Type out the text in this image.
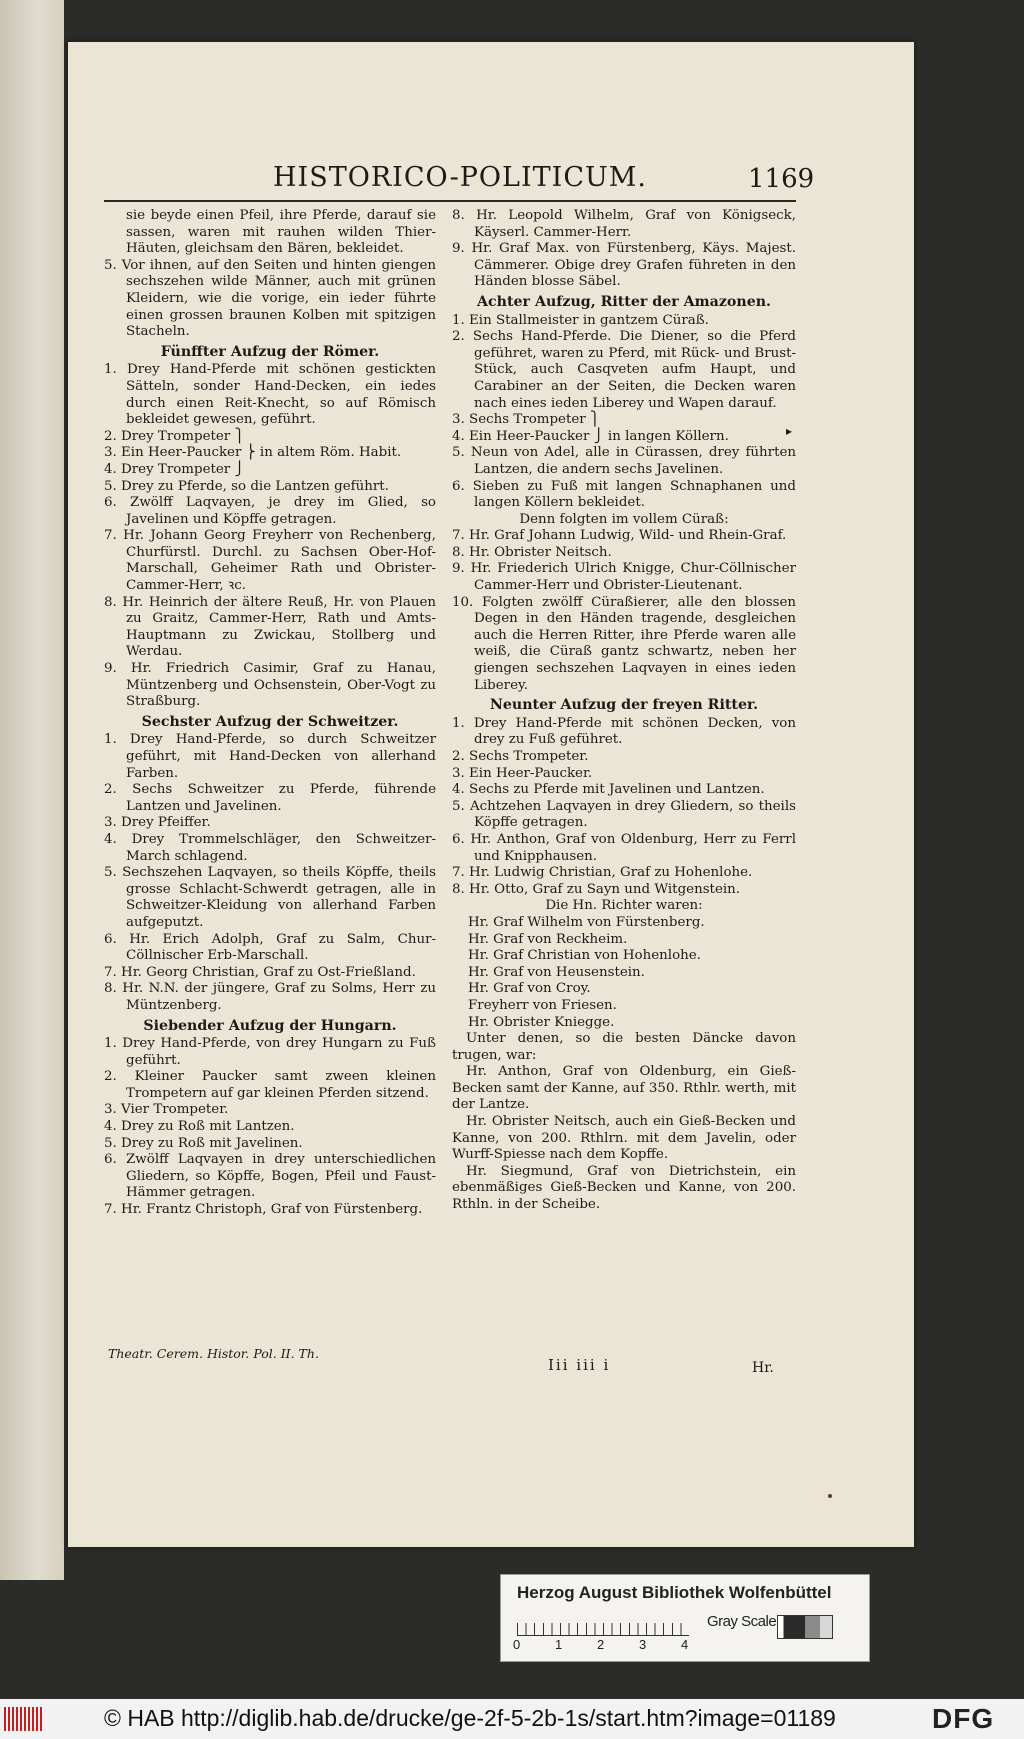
HISTORICO-POLITICUM.	1169

sie beyde einen Pfeil, ihre Pferde, darauf sie sassen, waren mit rauhen wilden Thier-Häuten, gleichsam den Bären, bekleidet.

5. Vor ihnen, auf den Seiten und hinten giengen sechszehen wilde Männer, auch mit grünen Kleidern, wie die vorige, ein ieder führte einen grossen braunen Kolben mit spitzigen Stacheln.

Fünffter Aufzug der Römer.

1. Drey Hand-Pferde mit schönen gestickten Sätteln, sonder Hand-Decken, ein iedes durch einen Reit-Knecht, so auf Römisch bekleidet gewesen, geführt.

2. Drey Trompeter ⎫

3. Ein Heer-Paucker ⎬ in altem Röm. Habit.

4. Drey Trompeter ⎭

5. Drey zu Pferde, so die Lantzen geführt.

6. Zwölff Laqvayen, je drey im Glied, so Javelinen und Köpffe getragen.

7. Hr. Johann Georg Freyherr von Rechenberg, Churfürstl. Durchl. zu Sachsen Ober-Hof-Marschall, Geheimer Rath und Obrister-Cammer-Herr, ꝛc.

8. Hr. Heinrich der ältere Reuß, Hr. von Plauen zu Graitz, Cammer-Herr, Rath und Amts-Hauptmann zu Zwickau, Stollberg und Werdau.

9. Hr. Friedrich Casimir, Graf zu Hanau, Müntzenberg und Ochsenstein, Ober-Vogt zu Straßburg.

Sechster Aufzug der Schweitzer.

1. Drey Hand-Pferde, so durch Schweitzer geführt, mit Hand-Decken von allerhand Farben.

2. Sechs Schweitzer zu Pferde, führende Lantzen und Javelinen.

3. Drey Pfeiffer.

4. Drey Trommelschläger, den Schweitzer-March schlagend.

5. Sechszehen Laqvayen, so theils Köpffe, theils grosse Schlacht-Schwerdt getragen, alle in Schweitzer-Kleidung von allerhand Farben aufgeputzt.

6. Hr. Erich Adolph, Graf zu Salm, Chur-Cöllnischer Erb-Marschall.

7. Hr. Georg Christian, Graf zu Ost-Frießland.

8. Hr. N.N. der jüngere, Graf zu Solms, Herr zu Müntzenberg.

Siebender Aufzug der Hungarn.

1. Drey Hand-Pferde, von drey Hungarn zu Fuß geführt.

2. Kleiner Paucker samt zween kleinen Trompetern auf gar kleinen Pferden sitzend.

3. Vier Trompeter.

4. Drey zu Roß mit Lantzen.

5. Drey zu Roß mit Javelinen.

6. Zwölff Laqvayen in drey unterschiedlichen Gliedern, so Köpffe, Bogen, Pfeil und Faust-Hämmer getragen.

7. Hr. Frantz Christoph, Graf von Fürstenberg.

8. Hr. Leopold Wilhelm, Graf von Königseck, Käyserl. Cammer-Herr.

9. Hr. Graf Max. von Fürstenberg, Käys. Majest. Cämmerer. Obige drey Grafen führeten in den Händen blosse Säbel.

Achter Aufzug, Ritter der Amazonen.

1. Ein Stallmeister in gantzem Cüraß.

2. Sechs Hand-Pferde. Die Diener, so die Pferd geführet, waren zu Pferd, mit Rück- und Brust-Stück, auch Casqveten aufm Haupt, und Carabiner an der Seiten, die Decken waren nach eines ieden Liberey und Wapen darauf.

3. Sechs Trompeter ⎫

4. Ein Heer-Paucker ⎭ in langen Köllern.

5. Neun von Adel, alle in Cürassen, drey führten Lantzen, die andern sechs Javelinen.

6. Sieben zu Fuß mit langen Schnaphanen und langen Köllern bekleidet.

Denn folgten im vollem Cüraß:

7. Hr. Graf Johann Ludwig, Wild- und Rhein-Graf.

8. Hr. Obrister Neitsch.

9. Hr. Friederich Ulrich Knigge, Chur-Cöllnischer Cammer-Herr und Obrister-Lieutenant.

10. Folgten zwölff Cüraßierer, alle den blossen Degen in den Händen tragende, desgleichen auch die Herren Ritter, ihre Pferde waren alle weiß, die Cüraß gantz schwartz, neben her giengen sechszehen Laqvayen in eines ieden Liberey.

Neunter Aufzug der freyen Ritter.

1. Drey Hand-Pferde mit schönen Decken, von drey zu Fuß geführet.

2. Sechs Trompeter.

3. Ein Heer-Paucker.

4. Sechs zu Pferde mit Javelinen und Lantzen.

5. Achtzehen Laqvayen in drey Gliedern, so theils Köpffe getragen.

6. Hr. Anthon, Graf von Oldenburg, Herr zu Ferrl und Knipphausen.

7. Hr. Ludwig Christian, Graf zu Hohenlohe.

8. Hr. Otto, Graf zu Sayn und Witgenstein.

Die Hn. Richter waren:

Hr. Graf Wilhelm von Fürstenberg.

Hr. Graf von Reckheim.

Hr. Graf Christian von Hohenlohe.

Hr. Graf von Heusenstein.

Hr. Graf von Croy.

Freyherr von Friesen.

Hr. Obrister Kniegge.

Unter denen, so die besten Däncke davon trugen, war:

Hr. Anthon, Graf von Oldenburg, ein Gieß-Becken samt der Kanne, auf 350. Rthlr. werth, mit der Lantze.

Hr. Obrister Neitsch, auch ein Gieß-Becken und Kanne, von 200. Rthlrn. mit dem Javelin, oder Wurff-Spiesse nach dem Kopffe.

Hr. Siegmund, Graf von Dietrichstein, ein ebenmäßiges Gieß-Becken und Kanne, von 200. Rthln. in der Scheibe.

▸
Theatr. Cerem. Histor. Pol. II. Th.
Iii iii i	Hr.
Herzog August Bibliothek Wolfenbüttel
0	1	2	3	4
Gray Scale
© HAB http://diglib.hab.de/drucke/ge-2f-5-2b-1s/start.htm?image=01189	DFG
